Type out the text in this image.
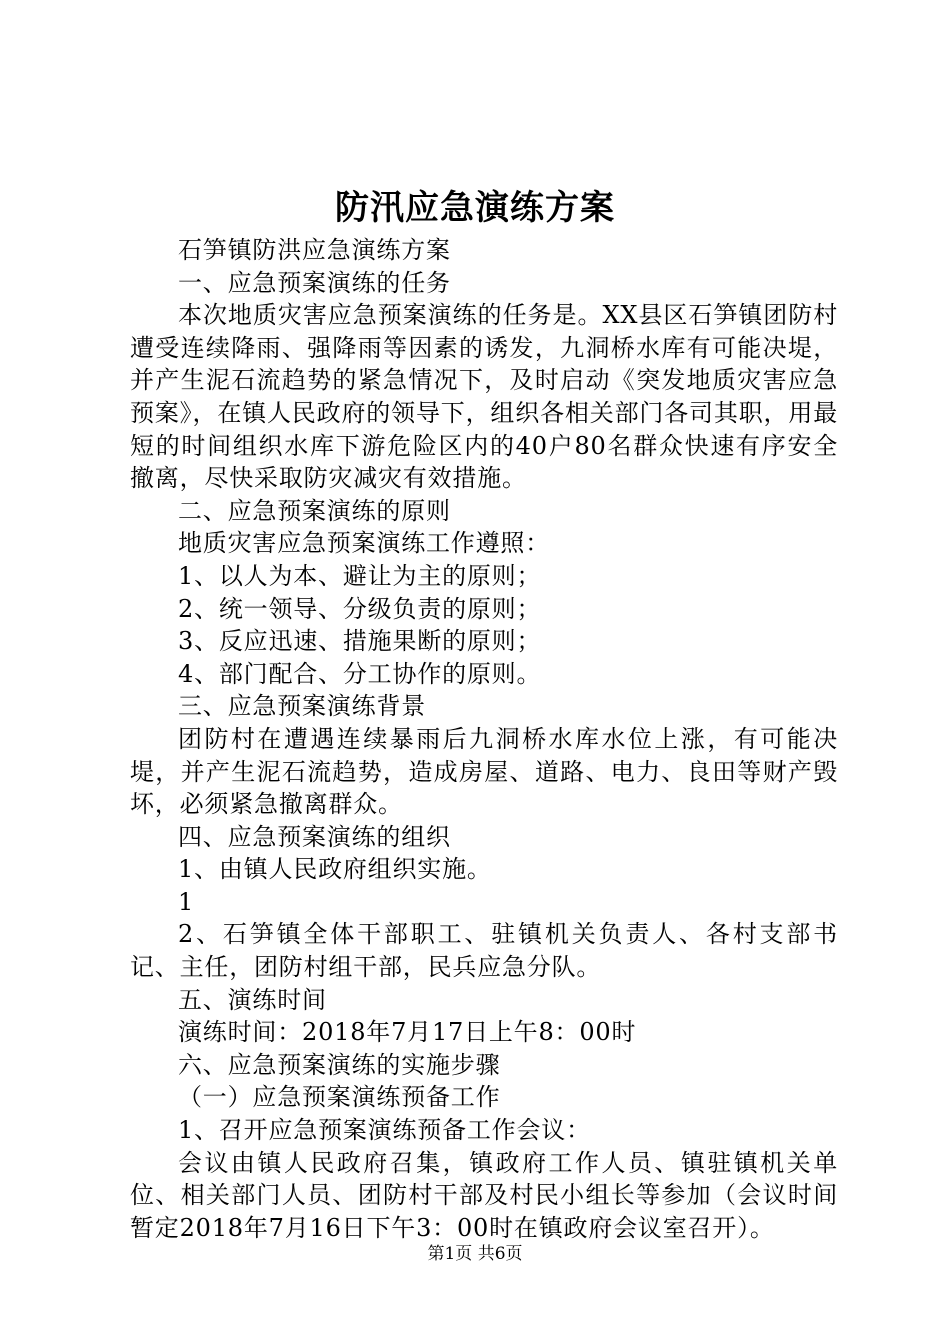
防汛应急演练方案

石笋镇防洪应急演练方案

一、应急预案演练的任务

本次地质灾害应急预案演练的任务是。XX县区石笋镇团防村遭受连续降雨、强降雨等因素的诱发，九洞桥水库有可能决堤，并产生泥石流趋势的紧急情况下，及时启动《突发地质灾害应急预案》，在镇人民政府的领导下，组织各相关部门各司其职，用最短的时间组织水库下游危险区内的40户80名群众快速有序安全撤离，尽快采取防灾减灾有效措施。

二、应急预案演练的原则

地质灾害应急预案演练工作遵照：

1、以人为本、避让为主的原则；

2、统一领导、分级负责的原则；

3、反应迅速、措施果断的原则；

4、部门配合、分工协作的原则。

三、应急预案演练背景

团防村在遭遇连续暴雨后九洞桥水库水位上涨，有可能决堤，并产生泥石流趋势，造成房屋、道路、电力、良田等财产毁坏，必须紧急撤离群众。

四、应急预案演练的组织

1、由镇人民政府组织实施。

1

2、石笋镇全体干部职工、驻镇机关负责人、各村支部书记、主任，团防村组干部，民兵应急分队。

五、演练时间

演练时间：2018年7月17日上午8：00时

六、应急预案演练的实施步骤

（一）应急预案演练预备工作

1、召开应急预案演练预备工作会议：

会议由镇人民政府召集，镇政府工作人员、镇驻镇机关单位、相关部门人员、团防村干部及村民小组长等参加（会议时间暂定2018年7月16日下午3：00时在镇政府会议室召开）。

第1页 共6页
